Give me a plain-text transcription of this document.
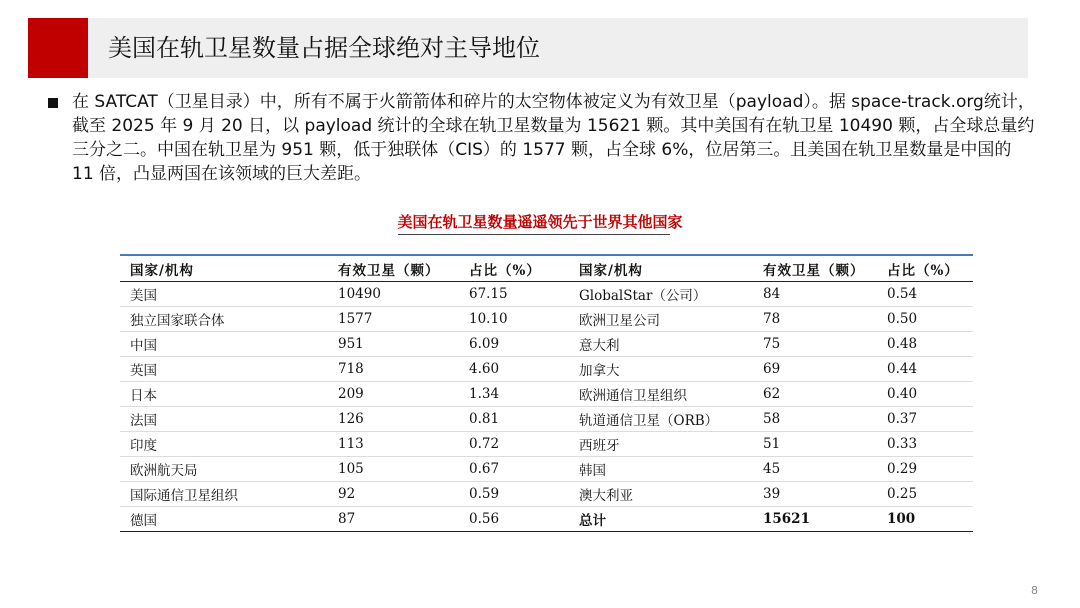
美国在轨卫星数量占据全球绝对主导地位
在 SATCAT（卫星目录）中，所有不属于火箭箭体和碎片的太空物体被定义为有效卫星（payload）。据 space-track.org统计，截至 2025 年 9 月 20 日，以 payload 统计的全球在轨卫星数量为 15621 颗。其中美国有在轨卫星 10490 颗，占全球总量约三分之二。中国在轨卫星为 951 颗，低于独联体（CIS）的 1577 颗，占全球 6%，位居第三。且美国在轨卫星数量是中国的 11 倍，凸显两国在该领域的巨大差距。
美国在轨卫星数量遥遥领先于世界其他国家
国家/机构	有效卫星（颗）	占比（%）	国家/机构	有效卫星（颗）	占比（%）
美国	10490	67.15	GlobalStar（公司）	84	0.54
独立国家联合体	1577	10.10	欧洲卫星公司	78	0.50
中国	951	6.09	意大利	75	0.48
英国	718	4.60	加拿大	69	0.44
日本	209	1.34	欧洲通信卫星组织	62	0.40
法国	126	0.81	轨道通信卫星（ORB）	58	0.37
印度	113	0.72	西班牙	51	0.33
欧洲航天局	105	0.67	韩国	45	0.29
国际通信卫星组织	92	0.59	澳大利亚	39	0.25
德国	87	0.56	总计	15621	100
8
